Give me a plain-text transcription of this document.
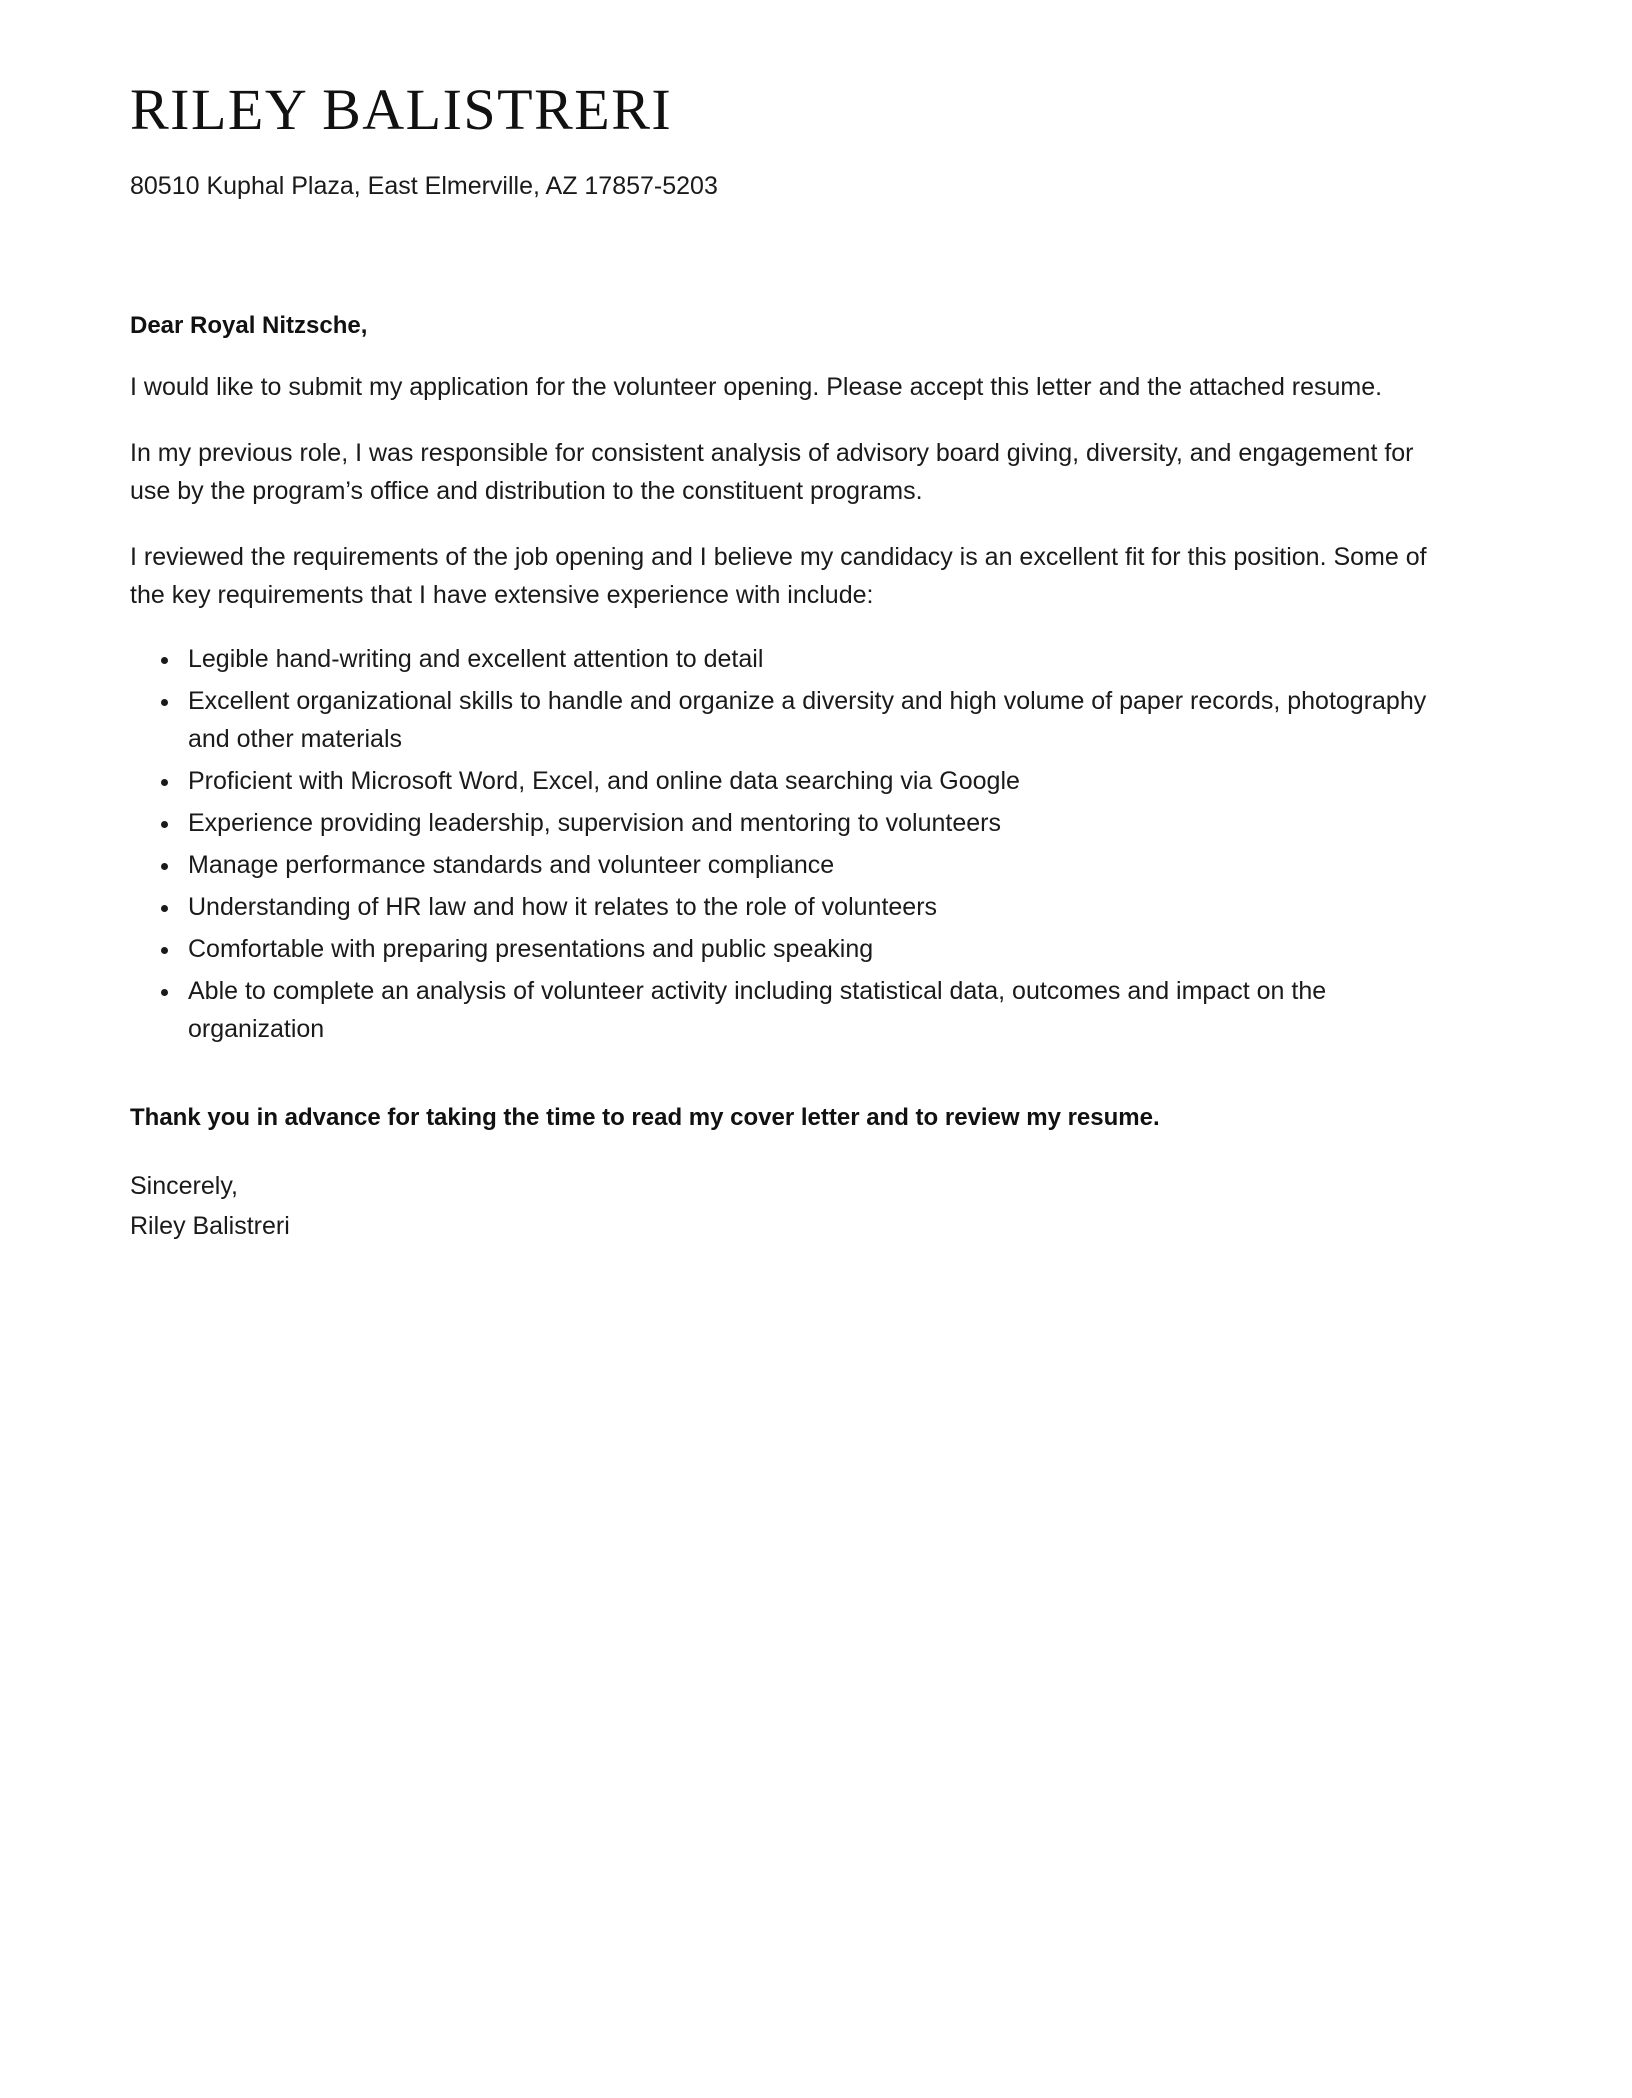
RILEY BALISTRERI

80510 Kuphal Plaza, East Elmerville, AZ 17857-5203

Dear Royal Nitzsche,

I would like to submit my application for the volunteer opening. Please accept this letter and the attached resume.

In my previous role, I was responsible for consistent analysis of advisory board giving, diversity, and engagement for use by the program’s office and distribution to the constituent programs.

I reviewed the requirements of the job opening and I believe my candidacy is an excellent fit for this position. Some of the key requirements that I have extensive experience with include:

• Legible hand-writing and excellent attention to detail
• Excellent organizational skills to handle and organize a diversity and high volume of paper records, photography and other materials
• Proficient with Microsoft Word, Excel, and online data searching via Google
• Experience providing leadership, supervision and mentoring to volunteers
• Manage performance standards and volunteer compliance
• Understanding of HR law and how it relates to the role of volunteers
• Comfortable with preparing presentations and public speaking
• Able to complete an analysis of volunteer activity including statistical data, outcomes and impact on the organization

Thank you in advance for taking the time to read my cover letter and to review my resume.

Sincerely,

Riley Balistreri
